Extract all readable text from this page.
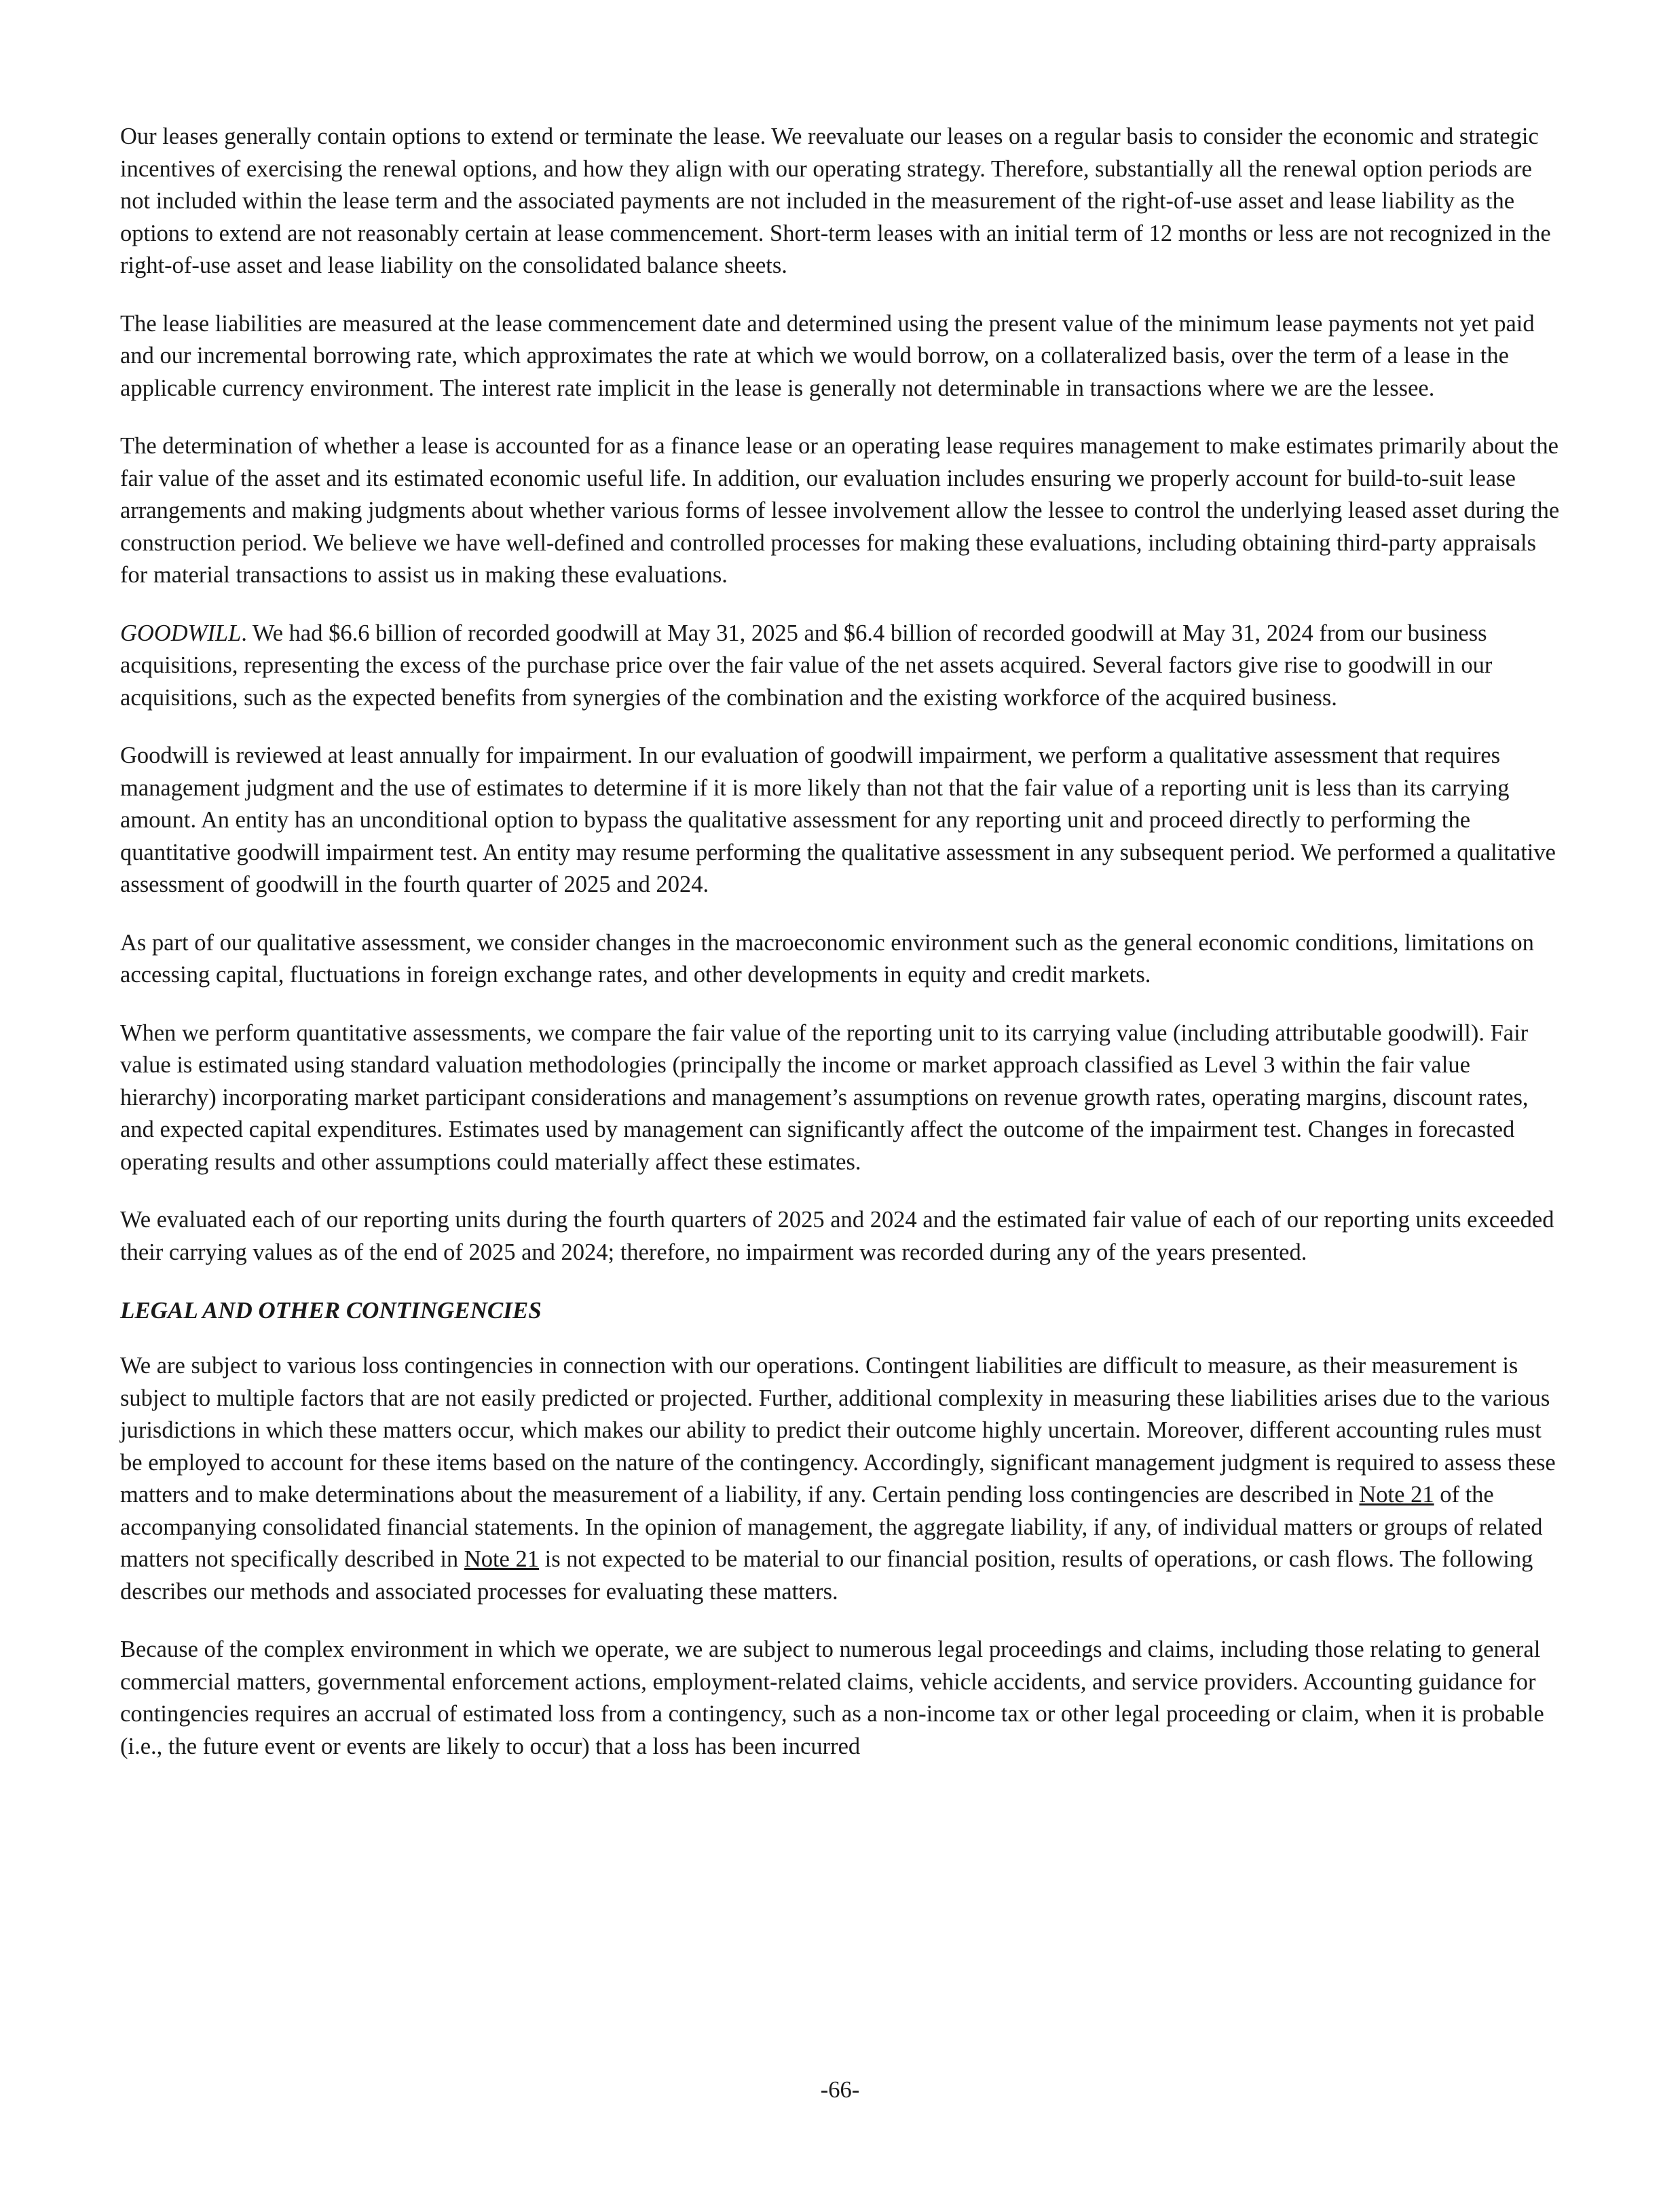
Our leases generally contain options to extend or terminate the lease. We reevaluate our leases on a regular basis to consider the economic and strategic incentives of exercising the renewal options, and how they align with our operating strategy. Therefore, substantially all the renewal option periods are not included within the lease term and the associated payments are not included in the measurement of the right-of-use asset and lease liability as the options to extend are not reasonably certain at lease commencement. Short-term leases with an initial term of 12 months or less are not recognized in the right-of-use asset and lease liability on the consolidated balance sheets.

The lease liabilities are measured at the lease commencement date and determined using the present value of the minimum lease payments not yet paid and our incremental borrowing rate, which approximates the rate at which we would borrow, on a collateralized basis, over the term of a lease in the applicable currency environment. The interest rate implicit in the lease is generally not determinable in transactions where we are the lessee.

The determination of whether a lease is accounted for as a finance lease or an operating lease requires management to make estimates primarily about the fair value of the asset and its estimated economic useful life. In addition, our evaluation includes ensuring we properly account for build-to-suit lease arrangements and making judgments about whether various forms of lessee involvement allow the lessee to control the underlying leased asset during the construction period. We believe we have well-defined and controlled processes for making these evaluations, including obtaining third-party appraisals for material transactions to assist us in making these evaluations.

GOODWILL. We had $6.6 billion of recorded goodwill at May 31, 2025 and $6.4 billion of recorded goodwill at May 31, 2024 from our business acquisitions, representing the excess of the purchase price over the fair value of the net assets acquired. Several factors give rise to goodwill in our acquisitions, such as the expected benefits from synergies of the combination and the existing workforce of the acquired business.

Goodwill is reviewed at least annually for impairment. In our evaluation of goodwill impairment, we perform a qualitative assessment that requires management judgment and the use of estimates to determine if it is more likely than not that the fair value of a reporting unit is less than its carrying amount. An entity has an unconditional option to bypass the qualitative assessment for any reporting unit and proceed directly to performing the quantitative goodwill impairment test. An entity may resume performing the qualitative assessment in any subsequent period. We performed a qualitative assessment of goodwill in the fourth quarter of 2025 and 2024.

As part of our qualitative assessment, we consider changes in the macroeconomic environment such as the general economic conditions, limitations on accessing capital, fluctuations in foreign exchange rates, and other developments in equity and credit markets.

When we perform quantitative assessments, we compare the fair value of the reporting unit to its carrying value (including attributable goodwill). Fair value is estimated using standard valuation methodologies (principally the income or market approach classified as Level 3 within the fair value hierarchy) incorporating market participant considerations and management’s assumptions on revenue growth rates, operating margins, discount rates, and expected capital expenditures. Estimates used by management can significantly affect the outcome of the impairment test. Changes in forecasted operating results and other assumptions could materially affect these estimates.

We evaluated each of our reporting units during the fourth quarters of 2025 and 2024 and the estimated fair value of each of our reporting units exceeded their carrying values as of the end of 2025 and 2024; therefore, no impairment was recorded during any of the years presented.

LEGAL AND OTHER CONTINGENCIES

We are subject to various loss contingencies in connection with our operations. Contingent liabilities are difficult to measure, as their measurement is subject to multiple factors that are not easily predicted or projected. Further, additional complexity in measuring these liabilities arises due to the various jurisdictions in which these matters occur, which makes our ability to predict their outcome highly uncertain. Moreover, different accounting rules must be employed to account for these items based on the nature of the contingency. Accordingly, significant management judgment is required to assess these matters and to make determinations about the measurement of a liability, if any. Certain pending loss contingencies are described in Note 21 of the accompanying consolidated financial statements. In the opinion of management, the aggregate liability, if any, of individual matters or groups of related matters not specifically described in Note 21 is not expected to be material to our financial position, results of operations, or cash flows. The following describes our methods and associated processes for evaluating these matters.

Because of the complex environment in which we operate, we are subject to numerous legal proceedings and claims, including those relating to general commercial matters, governmental enforcement actions, employment-related claims, vehicle accidents, and service providers. Accounting guidance for contingencies requires an accrual of estimated loss from a contingency, such as a non-income tax or other legal proceeding or claim, when it is probable (i.e., the future event or events are likely to occur) that a loss has been incurred

-66-
